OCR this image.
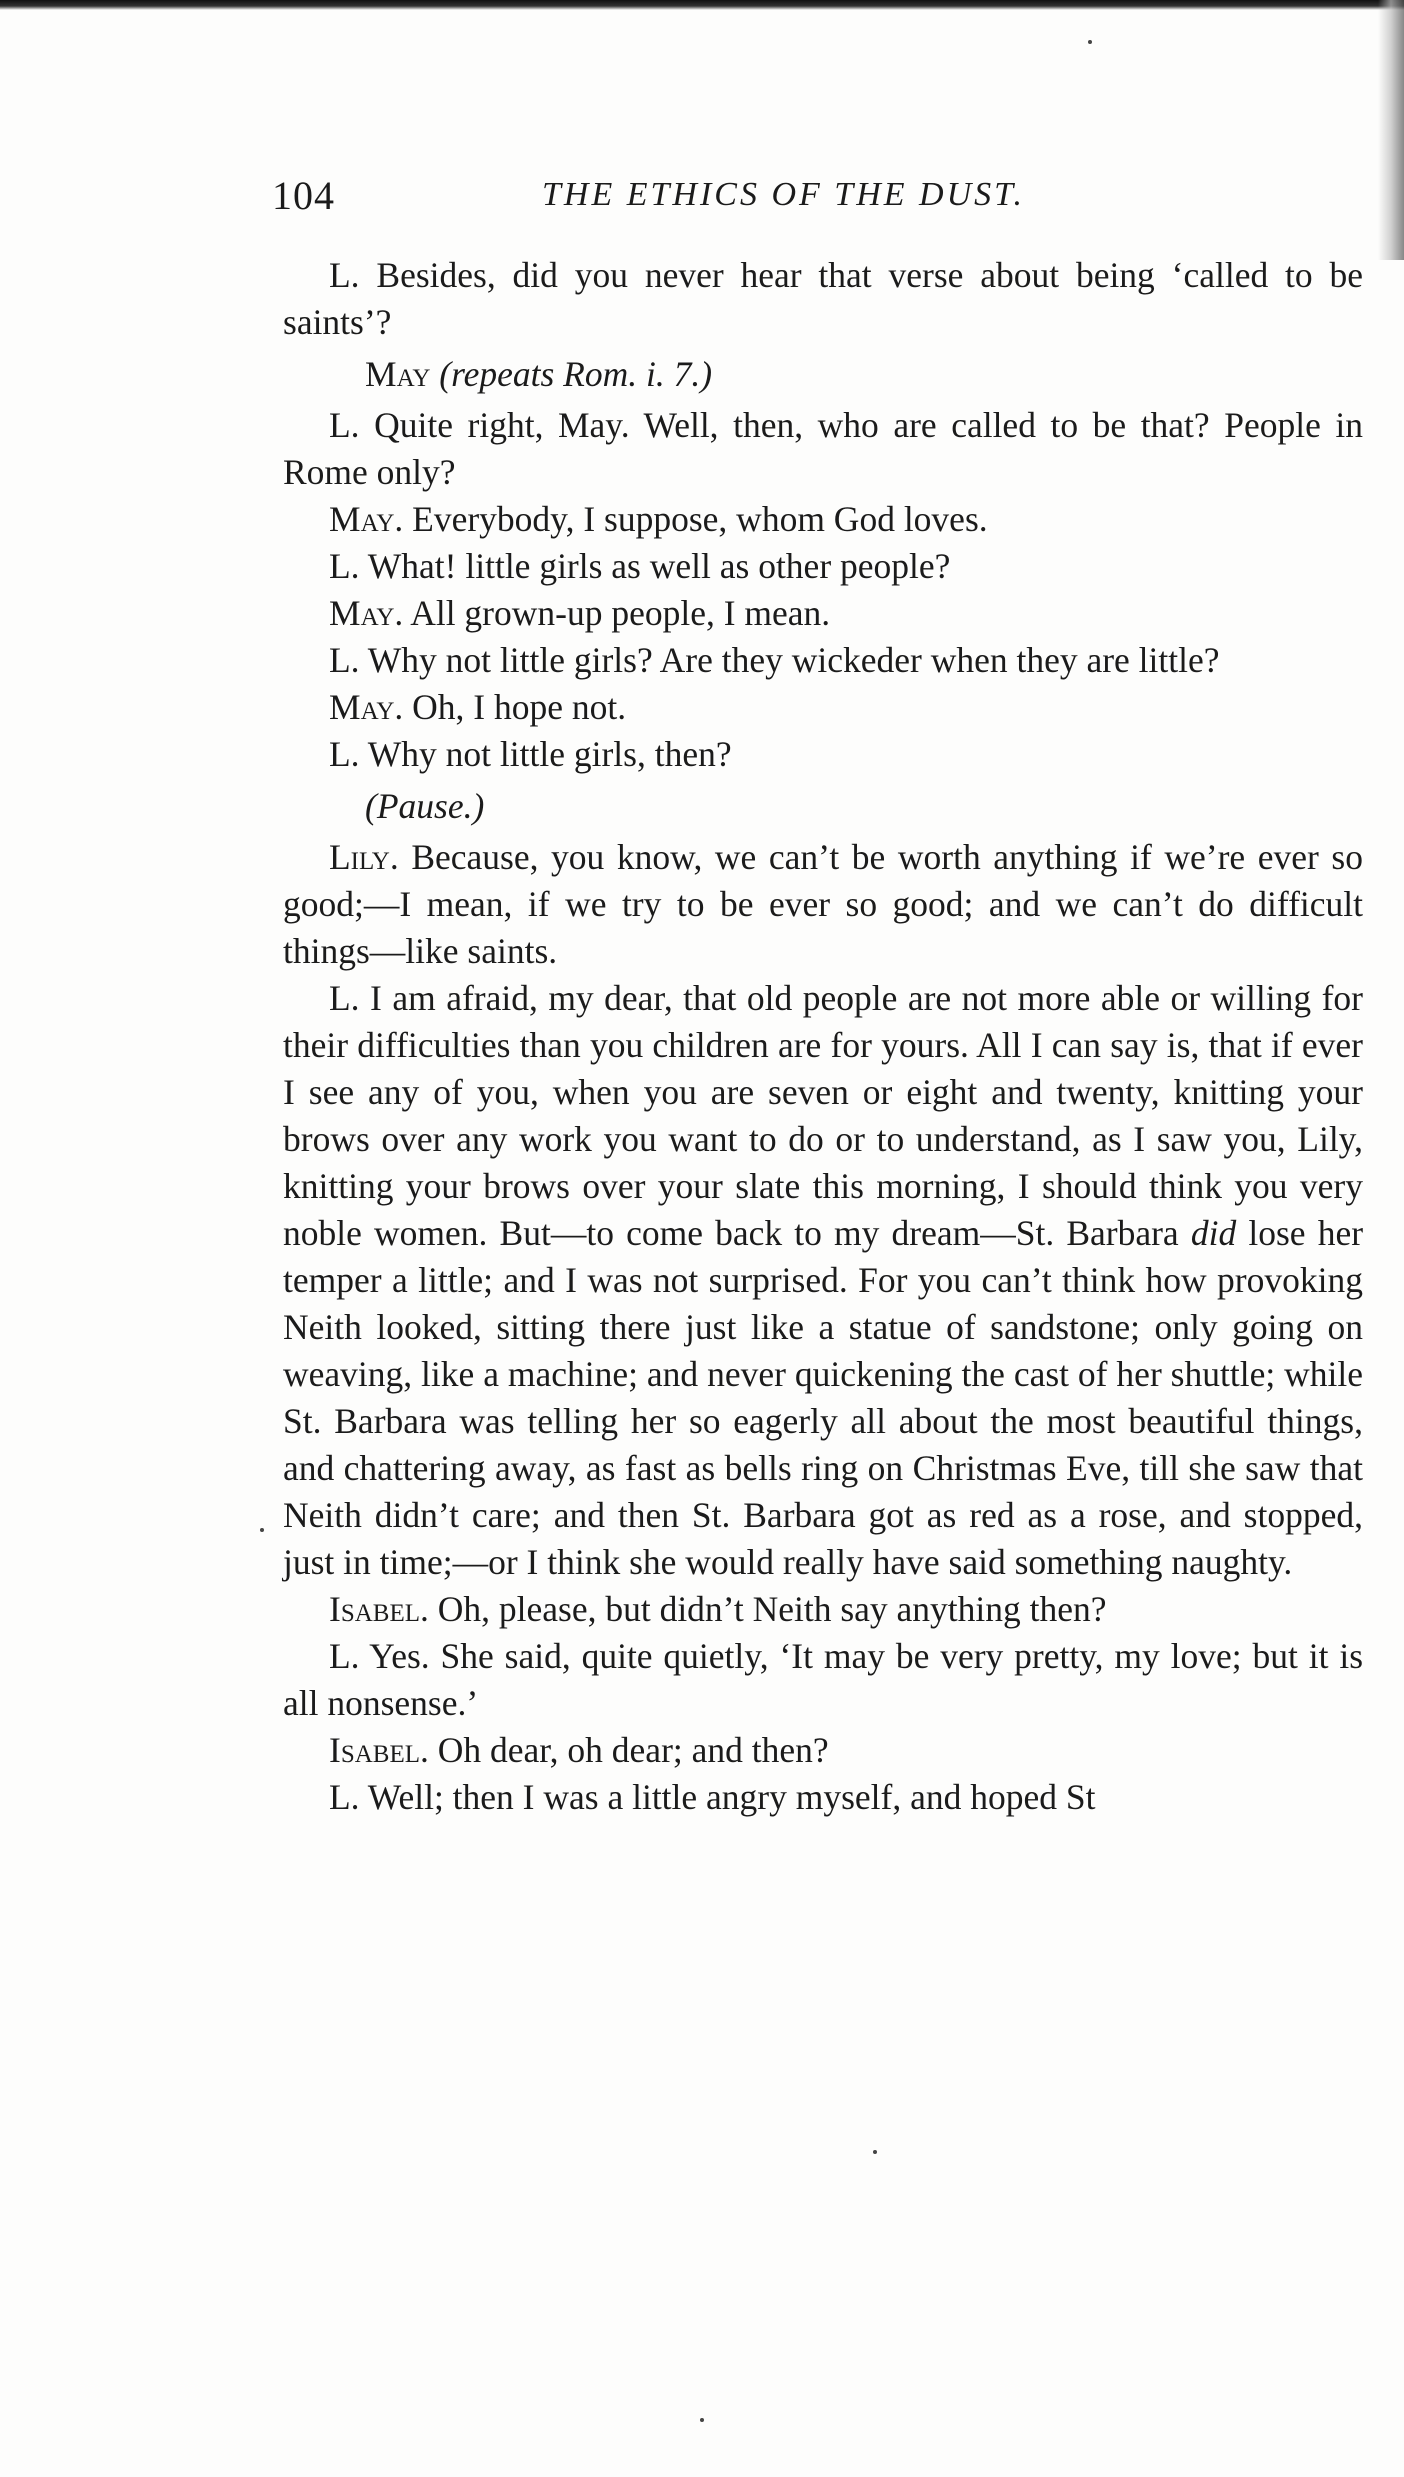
104	THE ETHICS OF THE DUST.

L. Besides, did you never hear that verse about being ‘called to be saints’?

May (repeats Rom. i. 7.)

L. Quite right, May. Well, then, who are called to be that? People in Rome only?

May. Everybody, I suppose, whom God loves.

L. What! little girls as well as other people?

May. All grown-up people, I mean.

L. Why not little girls? Are they wickeder when they are little?

May. Oh, I hope not.

L. Why not little girls, then?

(Pause.)

Lily. Because, you know, we can’t be worth anything if we’re ever so good;—I mean, if we try to be ever so good; and we can’t do difficult things—like saints.

L. I am afraid, my dear, that old people are not more able or willing for their difficulties than you children are for yours. All I can say is, that if ever I see any of you, when you are seven or eight and twenty, knitting your brows over any work you want to do or to understand, as I saw you, Lily, knitting your brows over your slate this morning, I should think you very noble women. But—to come back to my dream—St. Barbara did lose her temper a little; and I was not surprised. For you can’t think how provoking Neith looked, sitting there just like a statue of sandstone; only going on weaving, like a machine; and never quickening the cast of her shuttle; while St. Barbara was telling her so eagerly all about the most beautiful things, and chattering away, as fast as bells ring on Christmas Eve, till she saw that Neith didn’t care; and then St. Barbara got as red as a rose, and stopped, just in time;—or I think she would really have said something naughty.

Isabel. Oh, please, but didn’t Neith say anything then?

L. Yes. She said, quite quietly, ‘It may be very pretty, my love; but it is all nonsense.’

Isabel. Oh dear, oh dear; and then?

L. Well; then I was a little angry myself, and hoped St
